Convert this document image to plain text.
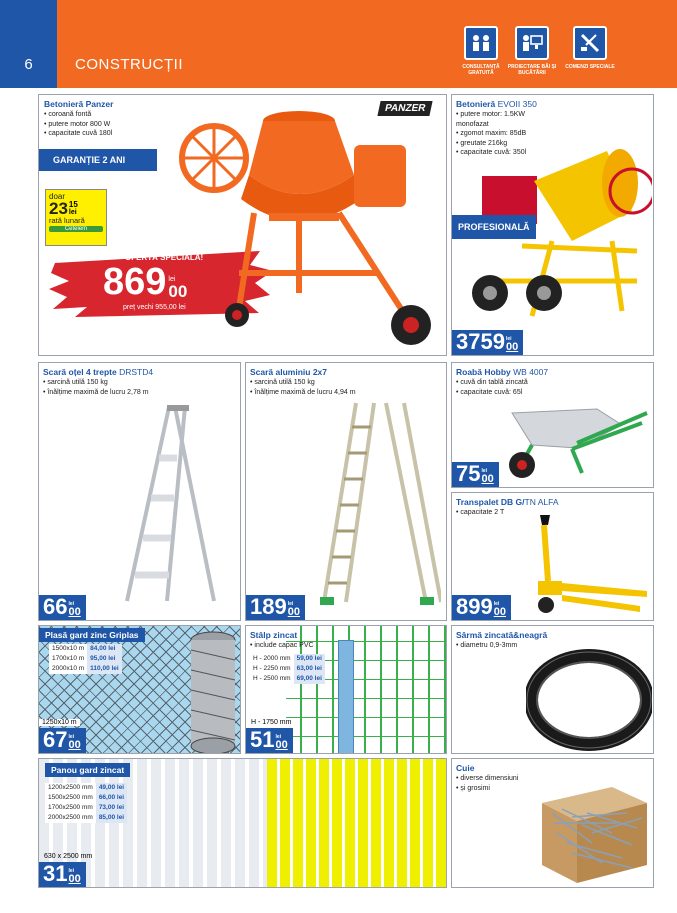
6	CONSTRUCȚII	CONSULTANȚĂ GRATUITĂ
PROIECTARE BĂI ȘI BUCĂTĂRII
COMENZI SPECIALE
Betonieră Panzer
• coroană fontă
• putere motor 800 W
• capacitate cuvă 180l
PANZER
GARANȚIE 2 ANI
doar
23 15
lei
rată lunară
Cetelem
OFERTĂ SPECIALĂ!
869 lei
00
preț vechi 955,00 lei
Betonieră EVOII 350
• putere motor: 1.5KW monofazat
• zgomot maxim: 85dB
• greutate 216kg
• capacitate cuvă: 350l
PROFESIONALĂ
3759 lei
00
Scară oțel 4 trepte DRSTD4
• sarcină utilă 150 kg
• înălțime maximă de lucru 2,78 m
66 lei
00
Scară aluminiu 2x7
• sarcină utilă 150 kg
• înălțime maximă de lucru 4,94 m
189 lei
00
Roabă Hobby WB 4007
• cuvă din tablă zincată
• capacitate cuvă: 65l
75 lei
00
Transpalet DB G/TN ALFA
• capacitate 2 T
899 lei
00
Plasă gard zinc Griplas
1500x10 m	84,00 lei
1700x10 m	95,00 lei
2000x10 m	110,00 lei
1250x10 m
67 lei
00
Stâlp zincat
• include capac PVC
H - 2000 mm	59,00 lei
H - 2250 mm	63,00 lei
H - 2500 mm	69,00 lei
H - 1750 mm
51 lei
00
Sârmă zincată&neagră
• diametru 0,9-3mm
Panou gard zincat
1200x2500 mm	49,00 lei
1500x2500 mm	66,00 lei
1700x2500 mm	73,00 lei
2000x2500 mm	85,00 lei
630 x 2500 mm
31 lei
00
Cuie
• diverse dimensiuni
• și grosimi
